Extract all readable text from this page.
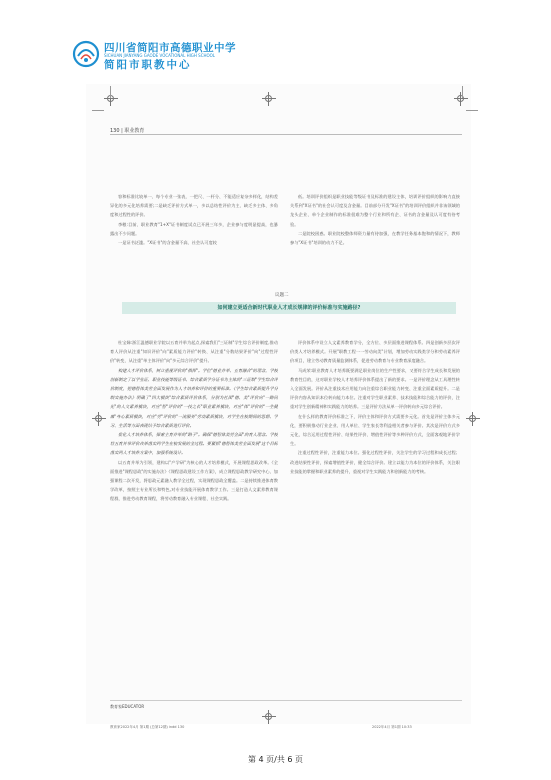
四川省简阳市高德职业中学
SICHUAN JIANYANG GAODE VOCATIONAL HIGH SCHOOL
简阳市职教中心
130 | 职业教育

容和标准比较单一、每个专业一张表，一把尺、一杆分、不能适应复杂多样化，结构差异化的多元化培养需要;二是缺乏评价方式单一，多以总结性评价为主、缺乏多主体、多角度和过程性的评价。

李粮:目前、职业教育"1+X"证书制度试点已开展三年多，企业参与度明显提高，也暴露出不少问题。

一是证书泛滥。"X证书"的含金量不高、社会认可度较

低。培训评价组织是职业技能等级证书及标准的建设主体，培训评价组织的影响力直接关系到"X证书"的社会认可度及含金量。目前部分开发"X证书"的培训评价组织并非该领域的龙头企业、单个企业制作的标准很难为整个行业和所有企、证书的含金量及认可度有待考验。

二是院校困惑。职业院校整体师资力量有待加强，在教学任务基本饱和的情况下，教师参与"X证书"培训的动力不足。

议题二
如何建立更适合新时代职业人才成长规律的评价标准与实施路径?

杜宝娣:浙江温德职业学院以五育并举为起点,探索我们"三证制"学生综合评价制度,推动育人评价从注重"知识评价"向"素质能力评价"转换、从注重"分数结果评价"向"过程性评价"转变、从注重"单主体评价"向"多元综合评价"提升。

构建人才评价体系，树立重视评价的"指挥"。学位"德业并举、五育融合"的理念，学校创新制定了以学业证、职业技能等级证书、综合素质学分证书为主体的"三证制"学生综合评价制度，把德智体美劳全面发展作为人才培养和评价的重要标准。《学生综合素质提升学分制实施办法》明确了"四大模块"综合素质评价体系，分别为社团"德、美"评价向"一路同光"的人文素养模块，对应"智"评价的"一技之长"职业素养模块，对应"体"评价的"一生健康"身心素质模块，对应"劳"评价的"一流服务"劳动素质模块，对学生在校期间的思想、学习、生活等方面表现给予综合素质进行评价。

优化人才培养体系，探索主育并举的"路子"。确保"德智体美劳全面"的育人理念。学校将五育并举评价改革落实到学生在校发展的全过程。要紧抓"德智体美劳全面发展"这个目标落实到人才培养方案中，加强系统设计。

以五育并举为引领，建构以"产学研"为核心的人才培养模式，开展课程思政改革。《全面推进"课程思政"的实施办法》《课程思政建设工作方案》，成立课程思政教学研究中心、加强课程二次开发，将思政元素融入教学全过程，实现课程思政全覆盖。二是持续推进体育教学改革，按照主专业所长和特色,对专业技能开展体育教学工作。三是打造人文素养教育课程群，推进劳动教育课程，将劳动教育融入专业课程、社会实践。

评价体系中设立人文素养教育学分，全方位、多层面推进课程体系。四是创新多层次评价类人才培养模式。开展"职教工程一一劳动向美"计划，增加劳动实践类学分和劳动素养评价项目，建立劳动教育质量监测体系，促进劳动教育与专业教育深度融合。

马成荣:职业教育人才培养既要满足职业岗位的生产性要求，又要符合学生成长和发展的教育性目的，这对职业学校人才培养评价体系提出了新的要求。一是评价理念从工具理性转入全面发展。评价从注重技术应用能力向注重综合职业能力转变、注重全面素质提升。二是评价内容从知识本位转向能力本位。注重对学生职业素养、技术技能和综合能力的评价，注重对学生创新精神和实践能力的培养。三是评价方法从单一评价转向多元综合评价。

在什么样的教育评价标准之下，评价主体和评价方式需要多元化。首先是评价主体多元化，要积极推动行业企业、用人单位、学生家长等利益相关者参与评价。其次是评价方式多元化，综合运用过程性评价、结果性评价、增值性评价等多种评价方式，全面客观地评价学生。

注重过程性评价，注重能力本位。强化过程性评价，关注学生的学习过程和成长过程；改进结果性评价，探索增值性评价，健全综合评价。建立以能力为本位的评价体系，关注职业技能的掌握和职业素养的提升，重视对学生实践能力和创新能力的考核。

教育家EDUCATOR
教育家2022年4月 第1期 (总第12期) indd 130	2022年4月 第1期 10:33
第 4 页/共 6 页
